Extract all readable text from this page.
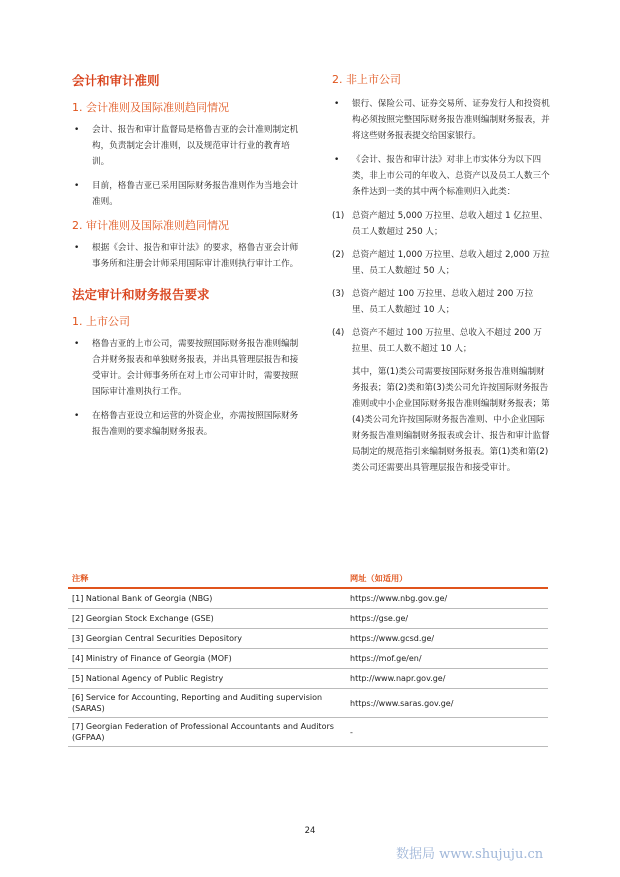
会计和审计准则
1. 会计准则及国际准则趋同情况
• 会计、报告和审计监督局是格鲁吉亚的会计准则制定机构，负责制定会计准则，以及规范审计行业的教育培训。
• 目前，格鲁吉亚已采用国际财务报告准则作为当地会计准则。
2. 审计准则及国际准则趋同情况
• 根据《会计、报告和审计法》的要求，格鲁吉亚会计师事务所和注册会计师采用国际审计准则执行审计工作。
法定审计和财务报告要求
1. 上市公司
• 格鲁吉亚的上市公司，需要按照国际财务报告准则编制合并财务报表和单独财务报表，并出具管理层报告和接受审计。会计师事务所在对上市公司审计时，需要按照国际审计准则执行工作。
• 在格鲁吉亚设立和运营的外资企业，亦需按照国际财务报告准则的要求编制财务报表。
2. 非上市公司
• 银行、保险公司、证券交易所、证券发行人和投资机构必须按照完整国际财务报告准则编制财务报表，并将这些财务报表提交给国家银行。
• 《会计、报告和审计法》对非上市实体分为以下四类，非上市公司的年收入、总资产以及员工人数三个条件达到一类的其中两个标准则归入此类：
(1) 总资产超过 5,000 万拉里、总收入超过 1 亿拉里、员工人数超过 250 人；
(2) 总资产超过 1,000 万拉里、总收入超过 2,000 万拉里、员工人数超过 50 人；
(3) 总资产超过 100 万拉里、总收入超过 200 万拉里、员工人数超过 10 人；
(4) 总资产不超过 100 万拉里、总收入不超过 200 万拉里、员工人数不超过 10 人；
其中，第(1)类公司需要按国际财务报告准则编制财务报表；第(2)类和第(3)类公司允许按国际财务报告准则或中小企业国际财务报告准则编制财务报表；第(4)类公司允许按国际财务报告准则、中小企业国际财务报告准则编制财务报表或会计、报告和审计监督局制定的规范指引来编制财务报表。第(1)类和第(2)类公司还需要出具管理层报告和接受审计。
注释	网址（如适用）
[1] National Bank of Georgia (NBG)	https://www.nbg.gov.ge/
[2] Georgian Stock Exchange (GSE)	https://gse.ge/
[3] Georgian Central Securities Depository	https://www.gcsd.ge/
[4] Ministry of Finance of Georgia (MOF)	https://mof.ge/en/
[5] National Agency of Public Registry	http://www.napr.gov.ge/
[6] Service for Accounting, Reporting and Auditing supervision (SARAS)	https://www.saras.gov.ge/
[7] Georgian Federation of Professional Accountants and Auditors (GFPAA)	-
24
数据局 www.shujuju.cn
